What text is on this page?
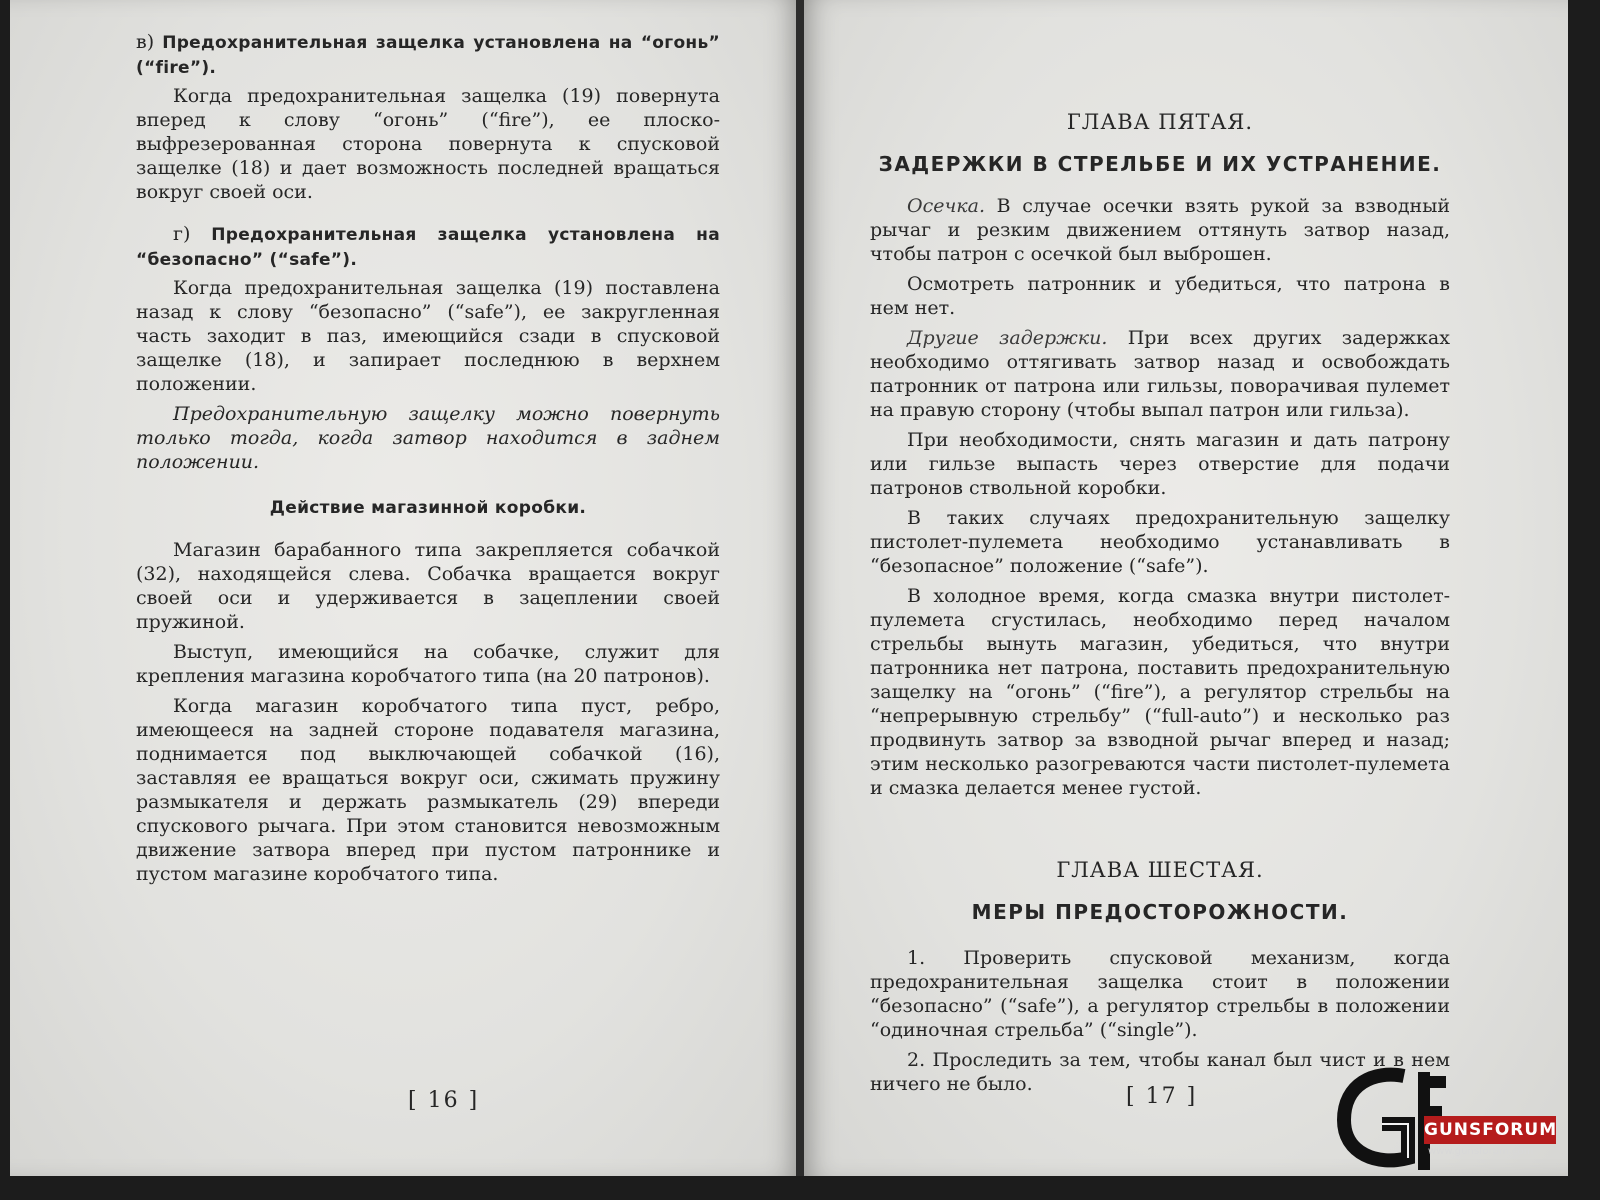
в) Предохранительная защелка установлена на “огонь” (“fire”).

Когда предохранительная защелка (19) повернута вперед к слову “огонь” (“fire”), ее плоско-выфрезерованная сторона повернута к спусковой защелке (18) и дает возможность последней вращаться вокруг своей оси.

г) Предохранительная защелка установлена на “безопасно” (“safe”).

Когда предохранительная защелка (19) поставлена назад к слову “безопасно” (“safe”), ее закругленная часть заходит в паз, имеющийся сзади в спусковой защелке (18), и запирает последнюю в верхнем положении.

Предохранительную защелку можно повернуть только тогда, когда затвор находится в заднем положении.

Действие магазинной коробки.

Магазин барабанного типа закрепляется собачкой (32), находящейся слева. Собачка вращается вокруг своей оси и удерживается в зацеплении своей пружиной.

Выступ, имеющийся на собачке, служит для крепления магазина коробчатого типа (на 20 патронов).

Когда магазин коробчатого типа пуст, ребро, имеющееся на задней стороне подавателя магазина, поднимается под выключающей собачкой (16), заставляя ее вращаться вокруг оси, сжимать пружину размыкателя и держать размыкатель (29) впереди спускового рычага. При этом становится невозможным движение затвора вперед при пустом патроннике и пустом магазине коробчатого типа.

[ 16 ]

ГЛАВА ПЯТАЯ.

ЗАДЕРЖКИ В СТРЕЛЬБЕ И ИХ УСТРАНЕНИЕ.

Осечка. В случае осечки взять рукой за взводный рычаг и резким движением оттянуть затвор назад, чтобы патрон с осечкой был выброшен.

Осмотреть патронник и убедиться, что патрона в нем нет.

Другие задержки. При всех других задержках необходимо оттягивать затвор назад и освобождать патронник от патрона или гильзы, поворачивая пулемет на правую сторону (чтобы выпал патрон или гильза).

При необходимости, снять магазин и дать патрону или гильзе выпасть через отверстие для подачи патронов ствольной коробки.

В таких случаях предохранительную защелку пистолет-пулемета необходимо устанавливать в “безопасное” положение (“safe”).

В холодное время, когда смазка внутри пистолет-пулемета сгустилась, необходимо перед началом стрельбы вынуть магазин, убедиться, что внутри патронника нет патрона, поставить предохранительную защелку на “огонь” (“fire”), а регулятор стрельбы на “непрерывную стрельбу” (“full-auto”) и несколько раз продвинуть затвор за взводной рычаг вперед и назад; этим несколько разогреваются части пистолет-пулемета и смазка делается менее густой.

ГЛАВА ШЕСТАЯ.

МЕРЫ ПРЕДОСТОРОЖНОСТИ.

1. Проверить спусковой механизм, когда предохранительная защелка стоит в положении “безопасно” (“safe”), а регулятор стрельбы в положении “одиночная стрельба” (“single”).

2. Проследить за тем, чтобы канал был чист и в нем ничего не было.	[ 17 ]
GUNSFORUM
www.gunsforum.com
